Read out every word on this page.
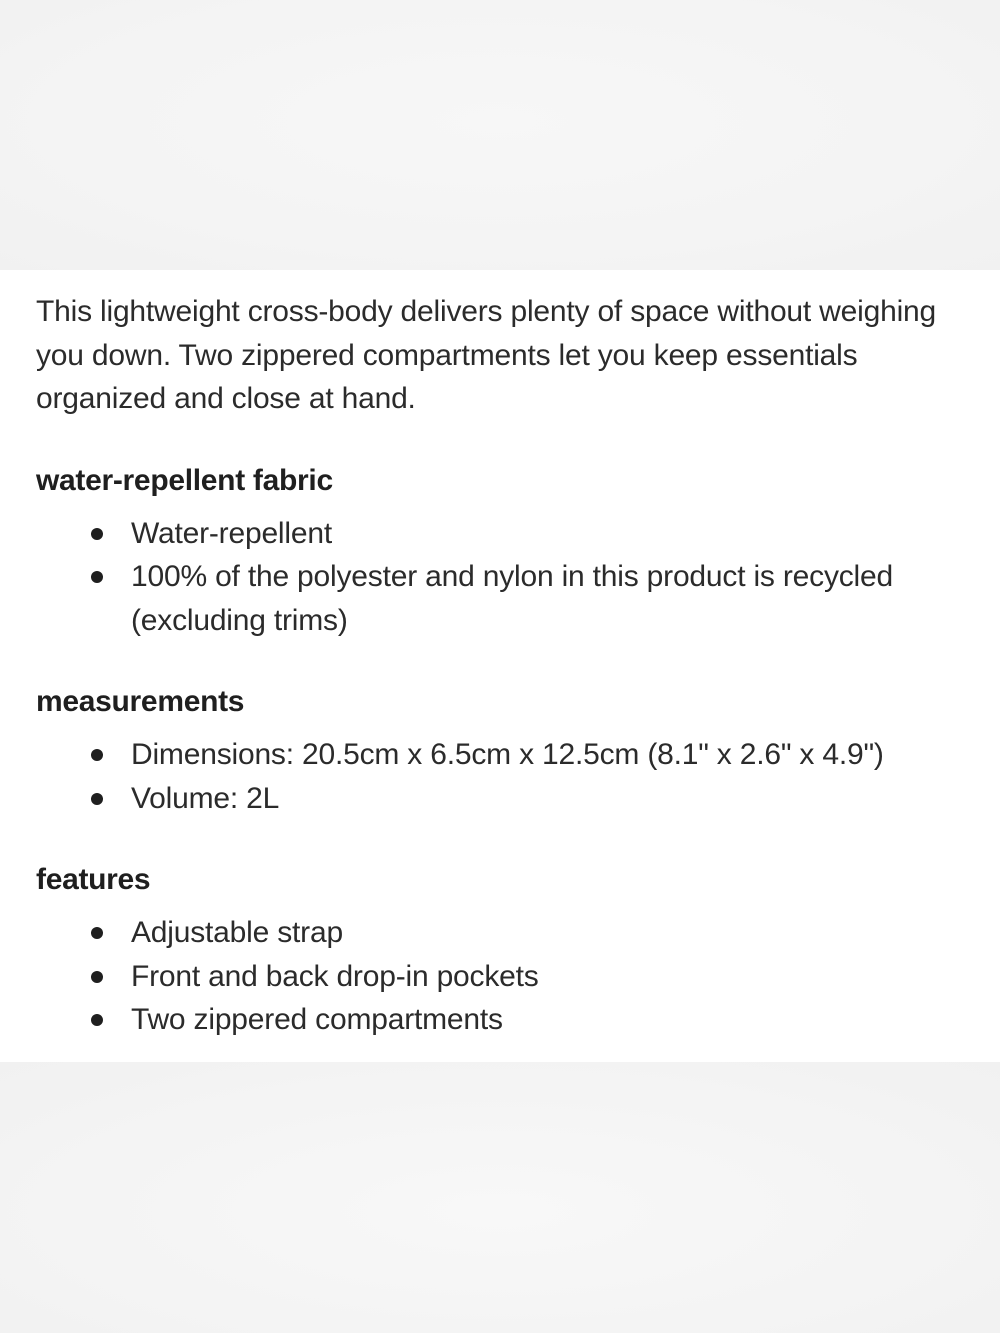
This lightweight cross-body delivers plenty of space without weighing you down. Two zippered compartments let you keep essentials organized and close at hand.

water-repellent fabric
Water-repellent
100% of the polyester and nylon in this product is recycled (excluding trims)
measurements
Dimensions: 20.5cm x 6.5cm x 12.5cm (8.1" x 2.6" x 4.9")
Volume: 2L
features
Adjustable strap
Front and back drop-in pockets
Two zippered compartments
